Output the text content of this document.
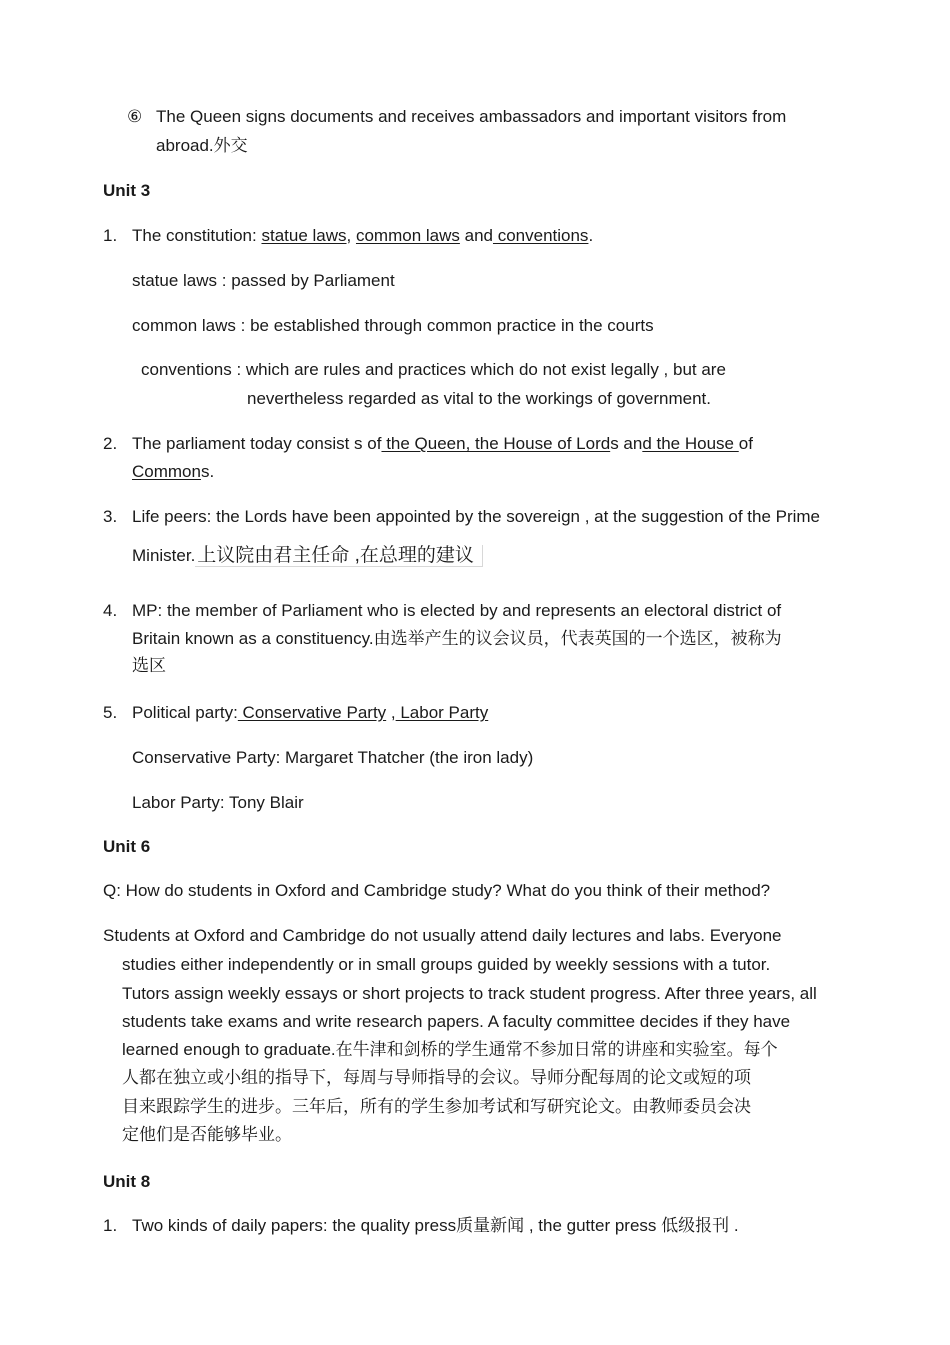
⑥ The Queen signs documents and receives ambassadors and important visitors from
abroad.外交
Unit 3
1. The constitution: statue laws, common laws and conventions.
statue laws : passed by Parliament
common laws : be established through common practice in the courts
conventions : which are rules and practices which do not exist legally , but are
nevertheless regarded as vital to the workings of government.
2. The parliament today consist s of the Queen, the House of Lords and the House of
Commons.
3. Life peers: the Lords have been appointed by the sovereign , at the suggestion of the Prime
Minister. 上议院由君主任命 ,在总理的建议
4. MP: the member of Parliament who is elected by and represents an electoral district of
Britain known as a constituency.由选举产生的议会议员，代表英国的一个选区，被称为
选区
5. Political party: Conservative Party , Labor Party
Conservative Party: Margaret Thatcher (the iron lady)
Labor Party: Tony Blair
Unit 6
Q: How do students in Oxford and Cambridge study? What do you think of their method?
Students at Oxford and Cambridge do not usually attend daily lectures and labs. Everyone
studies either independently or in small groups guided by weekly sessions with a tutor.
Tutors assign weekly essays or short projects to track student progress. After three years, all
students take exams and write research papers. A faculty committee decides if they have
learned enough to graduate.在牛津和剑桥的学生通常不参加日常的讲座和实验室。每个
人都在独立或小组的指导下，每周与导师指导的会议。导师分配每周的论文或短的项
目来跟踪学生的进步。三年后，所有的学生参加考试和写研究论文。由教师委员会决
定他们是否能够毕业。
Unit 8
1. Two kinds of daily papers: the quality press质量新闻 , the gutter press 低级报刊 .
